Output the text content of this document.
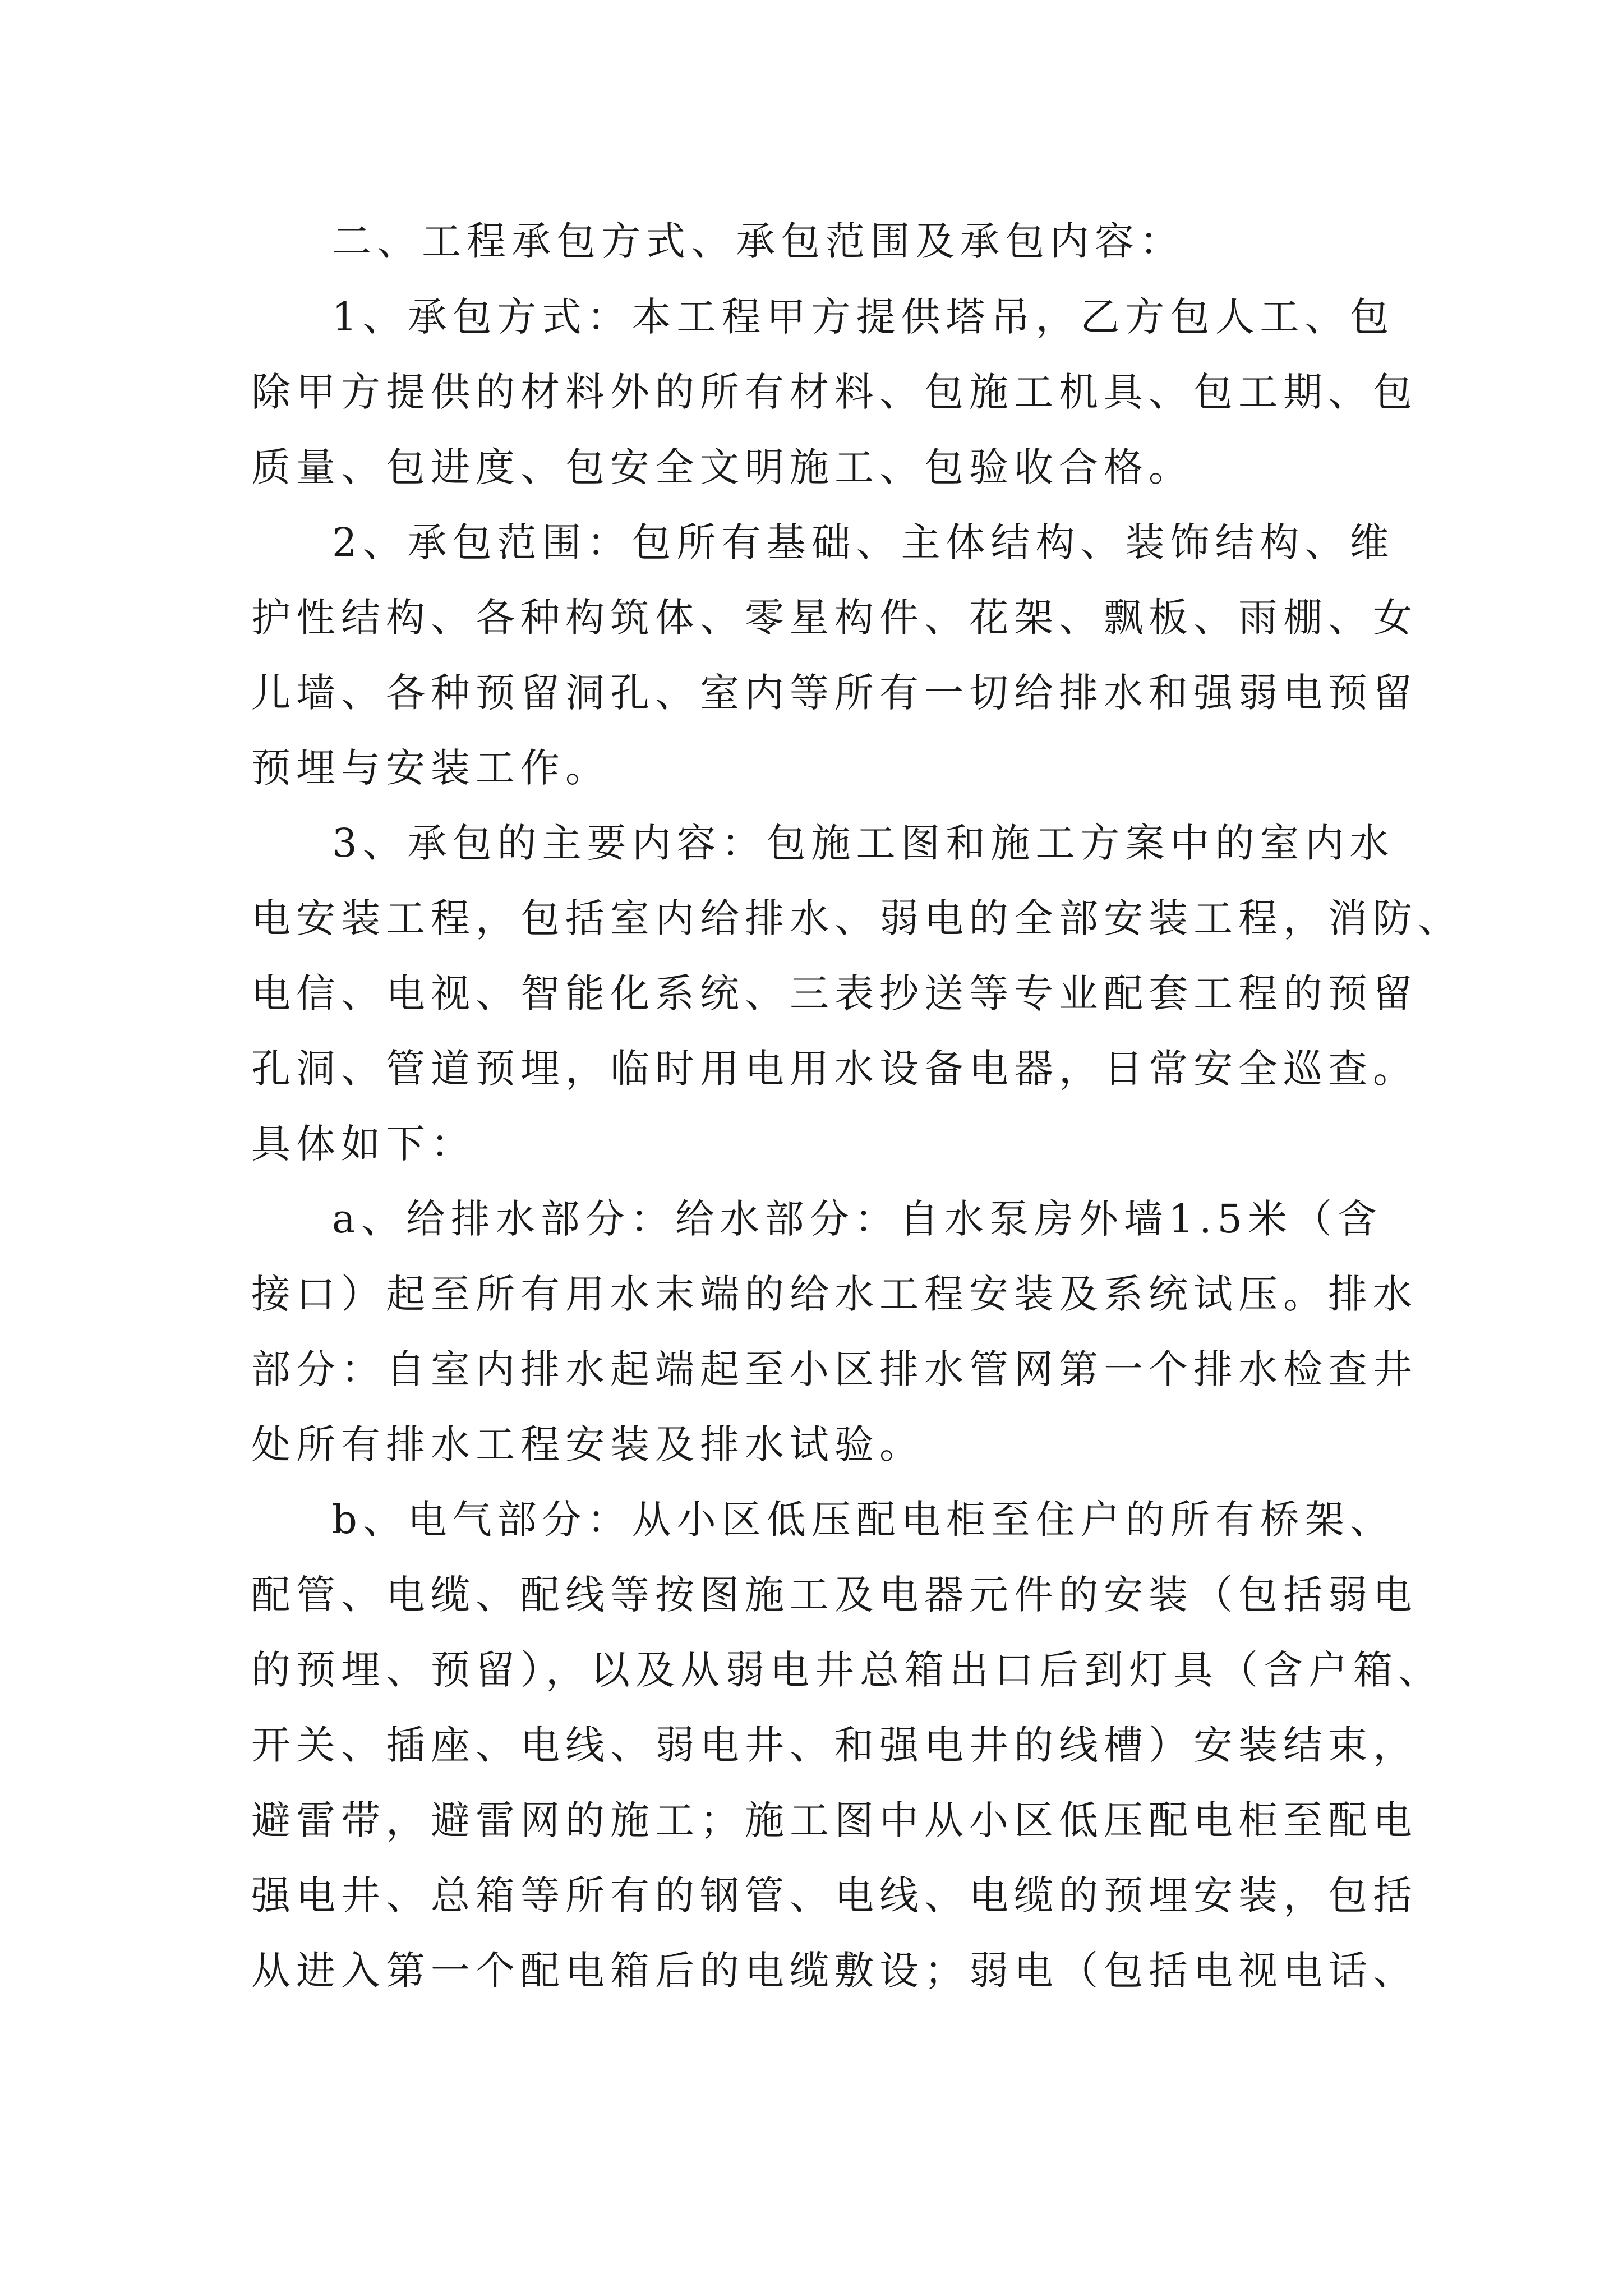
二、工程承包方式、承包范围及承包内容：
1、承包方式：本工程甲方提供塔吊，乙方包人工、包
除甲方提供的材料外的所有材料、包施工机具、包工期、包
质量、包进度、包安全文明施工、包验收合格。
2、承包范围：包所有基础、主体结构、装饰结构、维
护性结构、各种构筑体、零星构件、花架、飘板、雨棚、女
儿墙、各种预留洞孔、室内等所有一切给排水和强弱电预留
预埋与安装工作。
3、承包的主要内容：包施工图和施工方案中的室内水
电安装工程，包括室内给排水、弱电的全部安装工程，消防、
电信、电视、智能化系统、三表抄送等专业配套工程的预留
孔洞、管道预埋，临时用电用水设备电器，日常安全巡查。
具体如下：
a、给排水部分：给水部分：自水泵房外墙1.5米（含
接口）起至所有用水末端的给水工程安装及系统试压。排水
部分：自室内排水起端起至小区排水管网第一个排水检查井
处所有排水工程安装及排水试验。
b、电气部分：从小区低压配电柜至住户的所有桥架、
配管、电缆、配线等按图施工及电器元件的安装（包括弱电
的预埋、预留），以及从弱电井总箱出口后到灯具（含户箱、
开关、插座、电线、弱电井、和强电井的线槽）安装结束，
避雷带，避雷网的施工；施工图中从小区低压配电柜至配电
强电井、总箱等所有的钢管、电线、电缆的预埋安装，包括
从进入第一个配电箱后的电缆敷设；弱电（包括电视电话、
